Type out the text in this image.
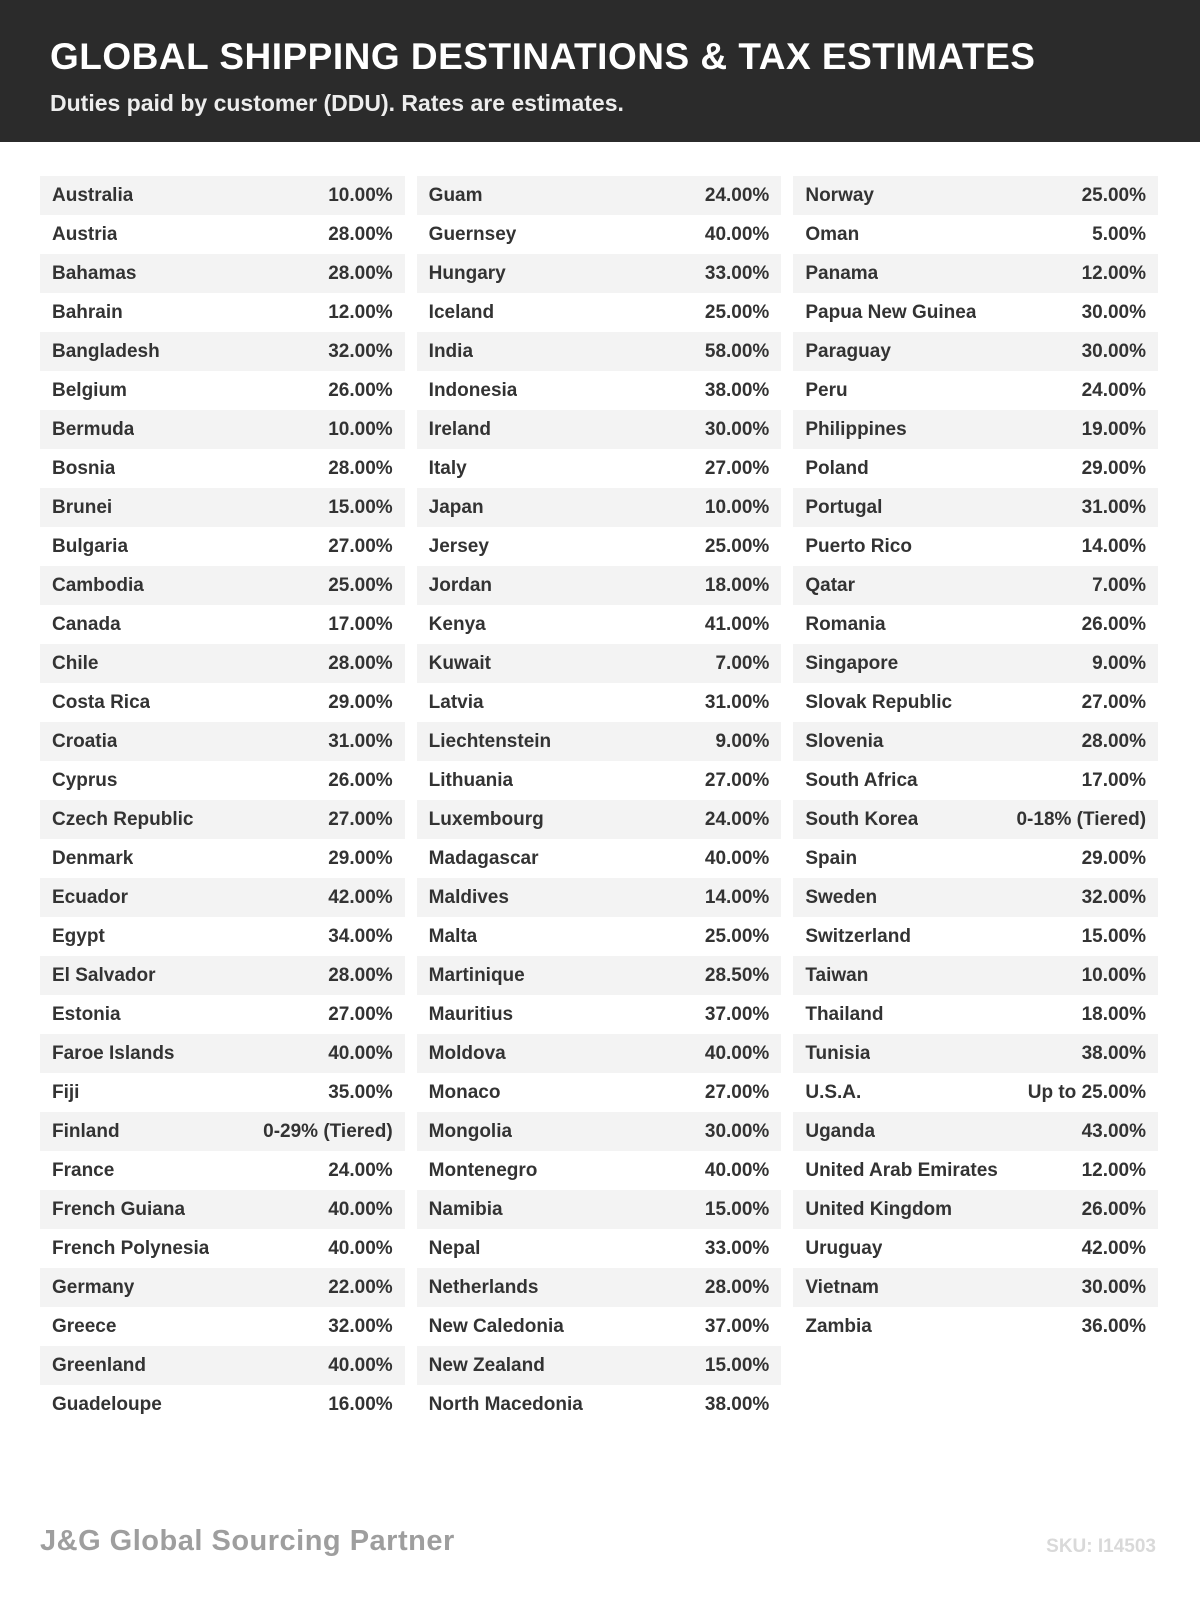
GLOBAL SHIPPING DESTINATIONS & TAX ESTIMATES
Duties paid by customer (DDU). Rates are estimates.
Australia	10.00%
Austria	28.00%
Bahamas	28.00%
Bahrain	12.00%
Bangladesh	32.00%
Belgium	26.00%
Bermuda	10.00%
Bosnia	28.00%
Brunei	15.00%
Bulgaria	27.00%
Cambodia	25.00%
Canada	17.00%
Chile	28.00%
Costa Rica	29.00%
Croatia	31.00%
Cyprus	26.00%
Czech Republic	27.00%
Denmark	29.00%
Ecuador	42.00%
Egypt	34.00%
El Salvador	28.00%
Estonia	27.00%
Faroe Islands	40.00%
Fiji	35.00%
Finland	0-29% (Tiered)
France	24.00%
French Guiana	40.00%
French Polynesia	40.00%
Germany	22.00%
Greece	32.00%
Greenland	40.00%
Guadeloupe	16.00%
Guam	24.00%
Guernsey	40.00%
Hungary	33.00%
Iceland	25.00%
India	58.00%
Indonesia	38.00%
Ireland	30.00%
Italy	27.00%
Japan	10.00%
Jersey	25.00%
Jordan	18.00%
Kenya	41.00%
Kuwait	7.00%
Latvia	31.00%
Liechtenstein	9.00%
Lithuania	27.00%
Luxembourg	24.00%
Madagascar	40.00%
Maldives	14.00%
Malta	25.00%
Martinique	28.50%
Mauritius	37.00%
Moldova	40.00%
Monaco	27.00%
Mongolia	30.00%
Montenegro	40.00%
Namibia	15.00%
Nepal	33.00%
Netherlands	28.00%
New Caledonia	37.00%
New Zealand	15.00%
North Macedonia	38.00%
Norway	25.00%
Oman	5.00%
Panama	12.00%
Papua New Guinea	30.00%
Paraguay	30.00%
Peru	24.00%
Philippines	19.00%
Poland	29.00%
Portugal	31.00%
Puerto Rico	14.00%
Qatar	7.00%
Romania	26.00%
Singapore	9.00%
Slovak Republic	27.00%
Slovenia	28.00%
South Africa	17.00%
South Korea	0-18% (Tiered)
Spain	29.00%
Sweden	32.00%
Switzerland	15.00%
Taiwan	10.00%
Thailand	18.00%
Tunisia	38.00%
U.S.A.	Up to 25.00%
Uganda	43.00%
United Arab Emirates	12.00%
United Kingdom	26.00%
Uruguay	42.00%
Vietnam	30.00%
Zambia	36.00%
J&G Global Sourcing Partner	SKU: I14503
